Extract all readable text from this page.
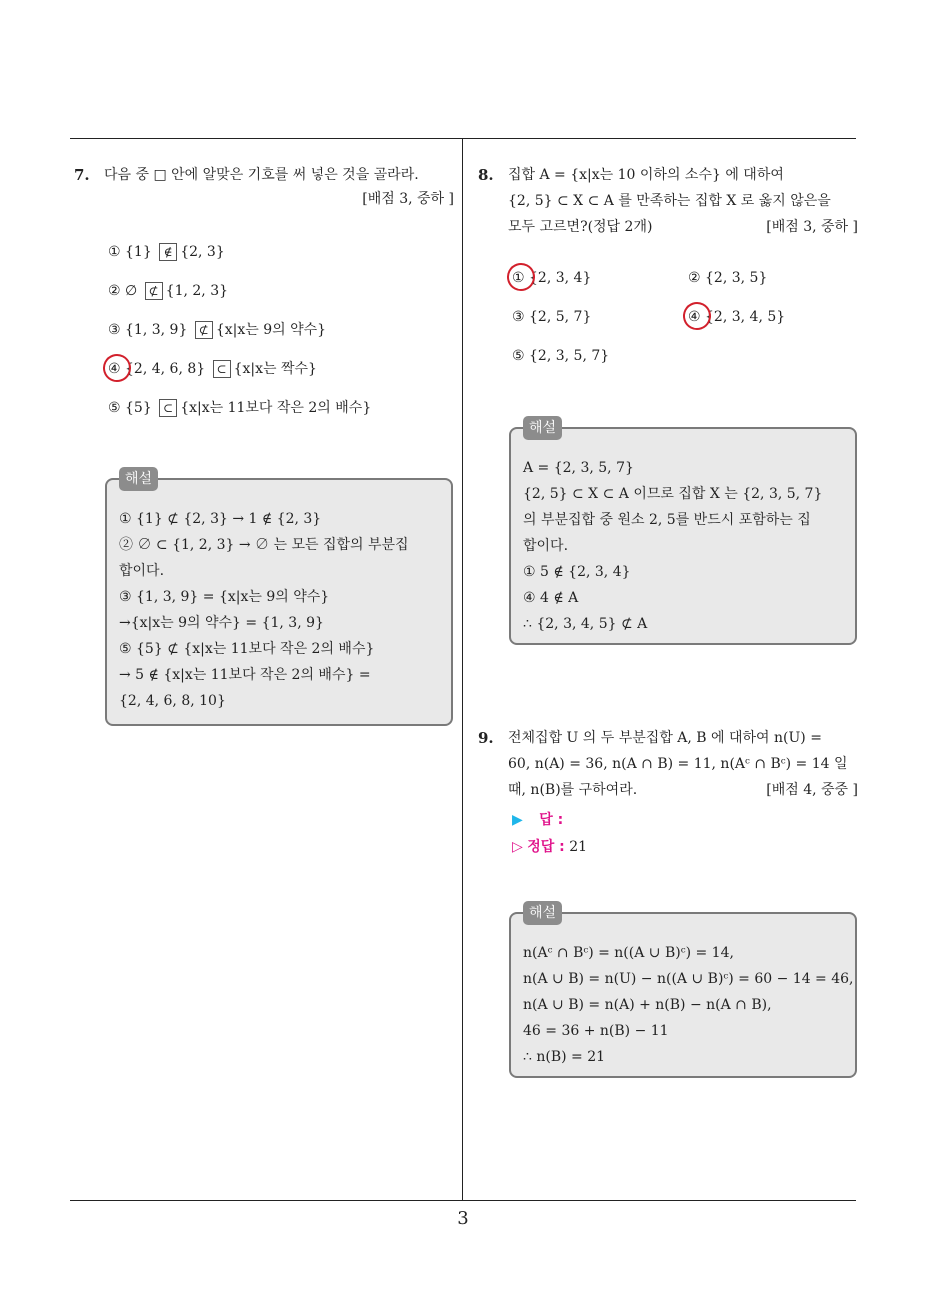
7.	다음 중 □ 안에 알맞은 기호를 써 넣은 것을 골라라.
[배점 3, 중하 ]
① {1} ∉ {2, 3}
② ∅ ⊄ {1, 2, 3}
③ {1, 3, 9} ⊄ {x|x는 9의 약수}
④ {2, 4, 6, 8} ⊂ {x|x는 짝수}
⑤ {5} ⊂ {x|x는 11보다 작은 2의 배수}
해설
① {1} ⊄ {2, 3} → 1 ∉ {2, 3}
② ∅ ⊂ {1, 2, 3} → ∅ 는 모든 집합의 부분집
합이다.
③ {1, 3, 9} = {x|x는 9의 약수}
→{x|x는 9의 약수} = {1, 3, 9}
⑤ {5} ⊄ {x|x는 11보다 작은 2의 배수}
→ 5 ∉ {x|x는 11보다 작은 2의 배수} =
{2, 4, 6, 8, 10}
8.	집합 A = {x|x는 10 이하의 소수} 에 대하여
{2, 5} ⊂ X ⊂ A 를 만족하는 집합 X 로 옳지 않은을
모두 고르면?(정답 2개)	[배점 3, 중하 ]
① {2, 3, 4}	② {2, 3, 5}
③ {2, 5, 7}	④ {2, 3, 4, 5}
⑤ {2, 3, 5, 7}
해설
A = {2, 3, 5, 7}
{2, 5} ⊂ X ⊂ A 이므로 집합 X 는 {2, 3, 5, 7}
의 부분집합 중 원소 2, 5를 반드시 포함하는 집
합이다.
① 5 ∉ {2, 3, 4}
④ 4 ∉ A
∴ {2, 3, 4, 5} ⊄ A
9.	전체집합 U 의 두 부분집합 A, B 에 대하여 n(U) =
60, n(A) = 36, n(A ∩ B) = 11, n(Aᶜ ∩ Bᶜ) = 14 일
때, n(B)를 구하여라.	[배점 4, 중중 ]
▶ 답 :
▷ 정답 : 21
해설
n(Aᶜ ∩ Bᶜ) = n((A ∪ B)ᶜ) = 14,
n(A ∪ B) = n(U) − n((A ∪ B)ᶜ) = 60 − 14 = 46,
n(A ∪ B) = n(A) + n(B) − n(A ∩ B),
46 = 36 + n(B) − 11
∴ n(B) = 21
3
